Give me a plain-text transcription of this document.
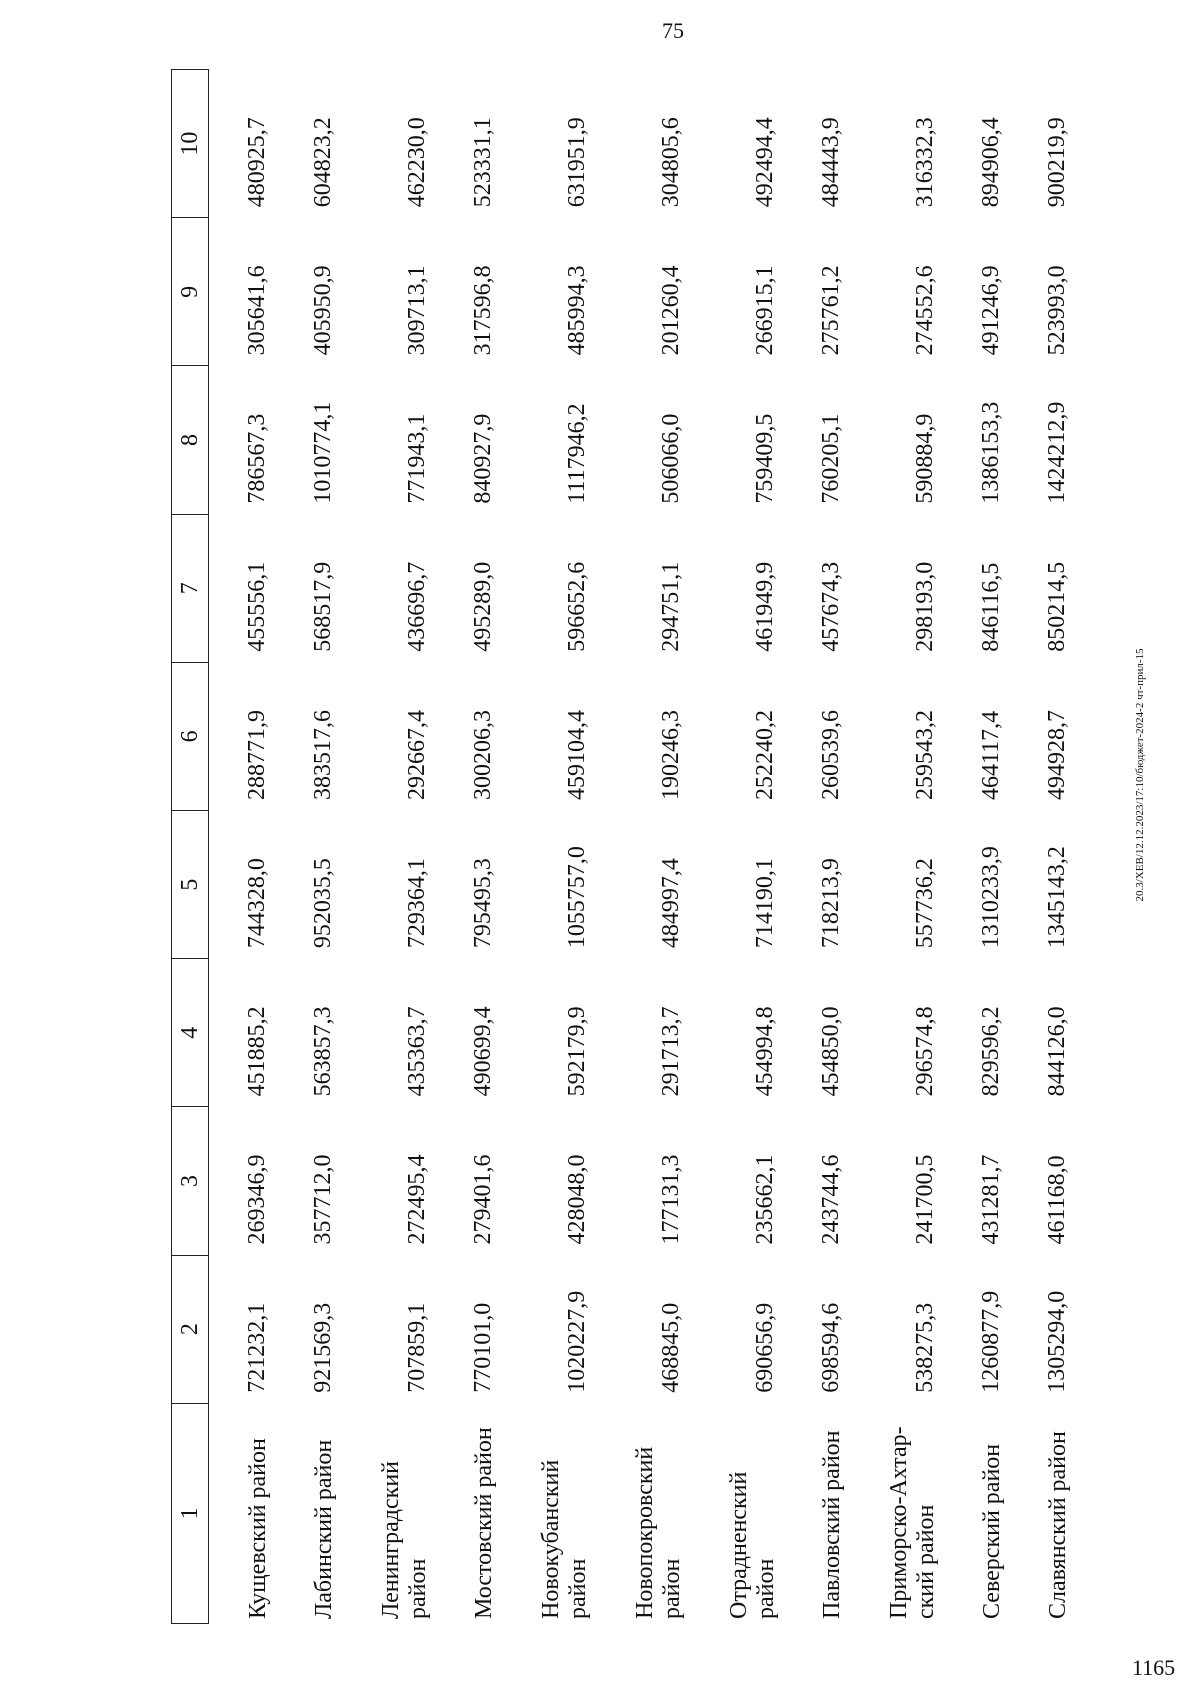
75
1	2	3	4	5	6	7	8	9	10
Кущевский район	721232,1	269346,9	451885,2	744328,0	288771,9	455556,1	786567,3	305641,6	480925,7
Лабинский район	921569,3	357712,0	563857,3	952035,5	383517,6	568517,9	1010774,1	405950,9	604823,2
Ленинградский район	707859,1	272495,4	435363,7	729364,1	292667,4	436696,7	771943,1	309713,1	462230,0
Мостовский район	770101,0	279401,6	490699,4	795495,3	300206,3	495289,0	840927,9	317596,8	523331,1
Новокубанский район	1020227,9	428048,0	592179,9	1055757,0	459104,4	596652,6	1117946,2	485994,3	631951,9
Новопокровский район	468845,0	177131,3	291713,7	484997,4	190246,3	294751,1	506066,0	201260,4	304805,6
Отрадненский район	690656,9	235662,1	454994,8	714190,1	252240,2	461949,9	759409,5	266915,1	492494,4
Павловский район	698594,6	243744,6	454850,0	718213,9	260539,6	457674,3	760205,1	275761,2	484443,9
Приморско-Ахтар-ский район	538275,3	241700,5	296574,8	557736,2	259543,2	298193,0	590884,9	274552,6	316332,3
Северский район	1260877,9	431281,7	829596,2	1310233,9	464117,4	846116,5	1386153,3	491246,9	894906,4
Славянский район	1305294,0	461168,0	844126,0	1345143,2	494928,7	850214,5	1424212,9	523993,0	900219,9
20.3/ХЕВ/12.12.2023/17:10/бюджет-2024-2 чт-прил-15
1165
